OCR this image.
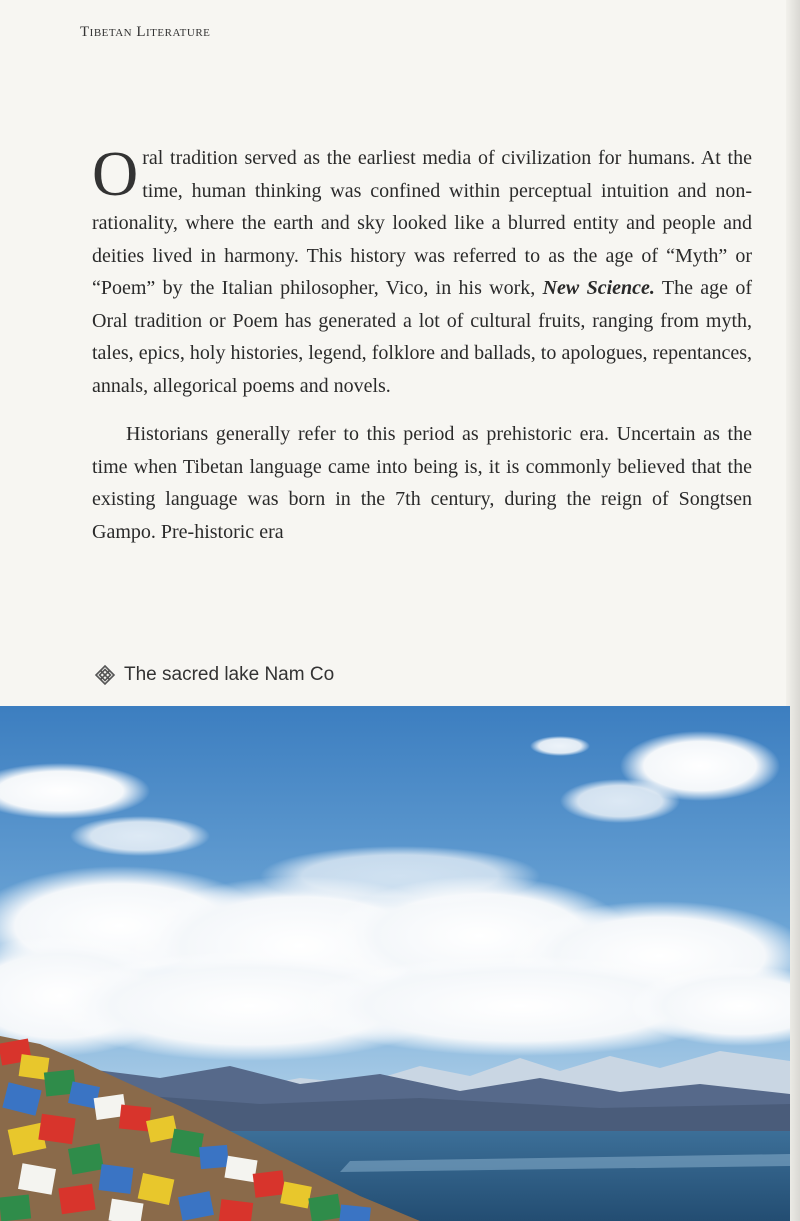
Tibetan Literature

Oral tradition served as the earliest media of civilization for humans. At the time, human thinking was confined within perceptual intuition and non-rationality, where the earth and sky looked like a blurred entity and people and deities lived in harmony. This history was referred to as the age of “Myth” or “Poem” by the Italian philosopher, Vico, in his work, New Science. The age of Oral tradition or Poem has generated a lot of cultural fruits, ranging from myth, tales, epics, holy histories, legend, folklore and ballads, to apologues, repentances, annals, allegorical poems and novels.

Historians generally refer to this period as prehistoric era. Uncertain as the time when Tibetan language came into being is, it is commonly believed that the existing language was born in the 7th century, during the reign of Songtsen Gampo. Pre-historic era

The sacred lake Nam Co
